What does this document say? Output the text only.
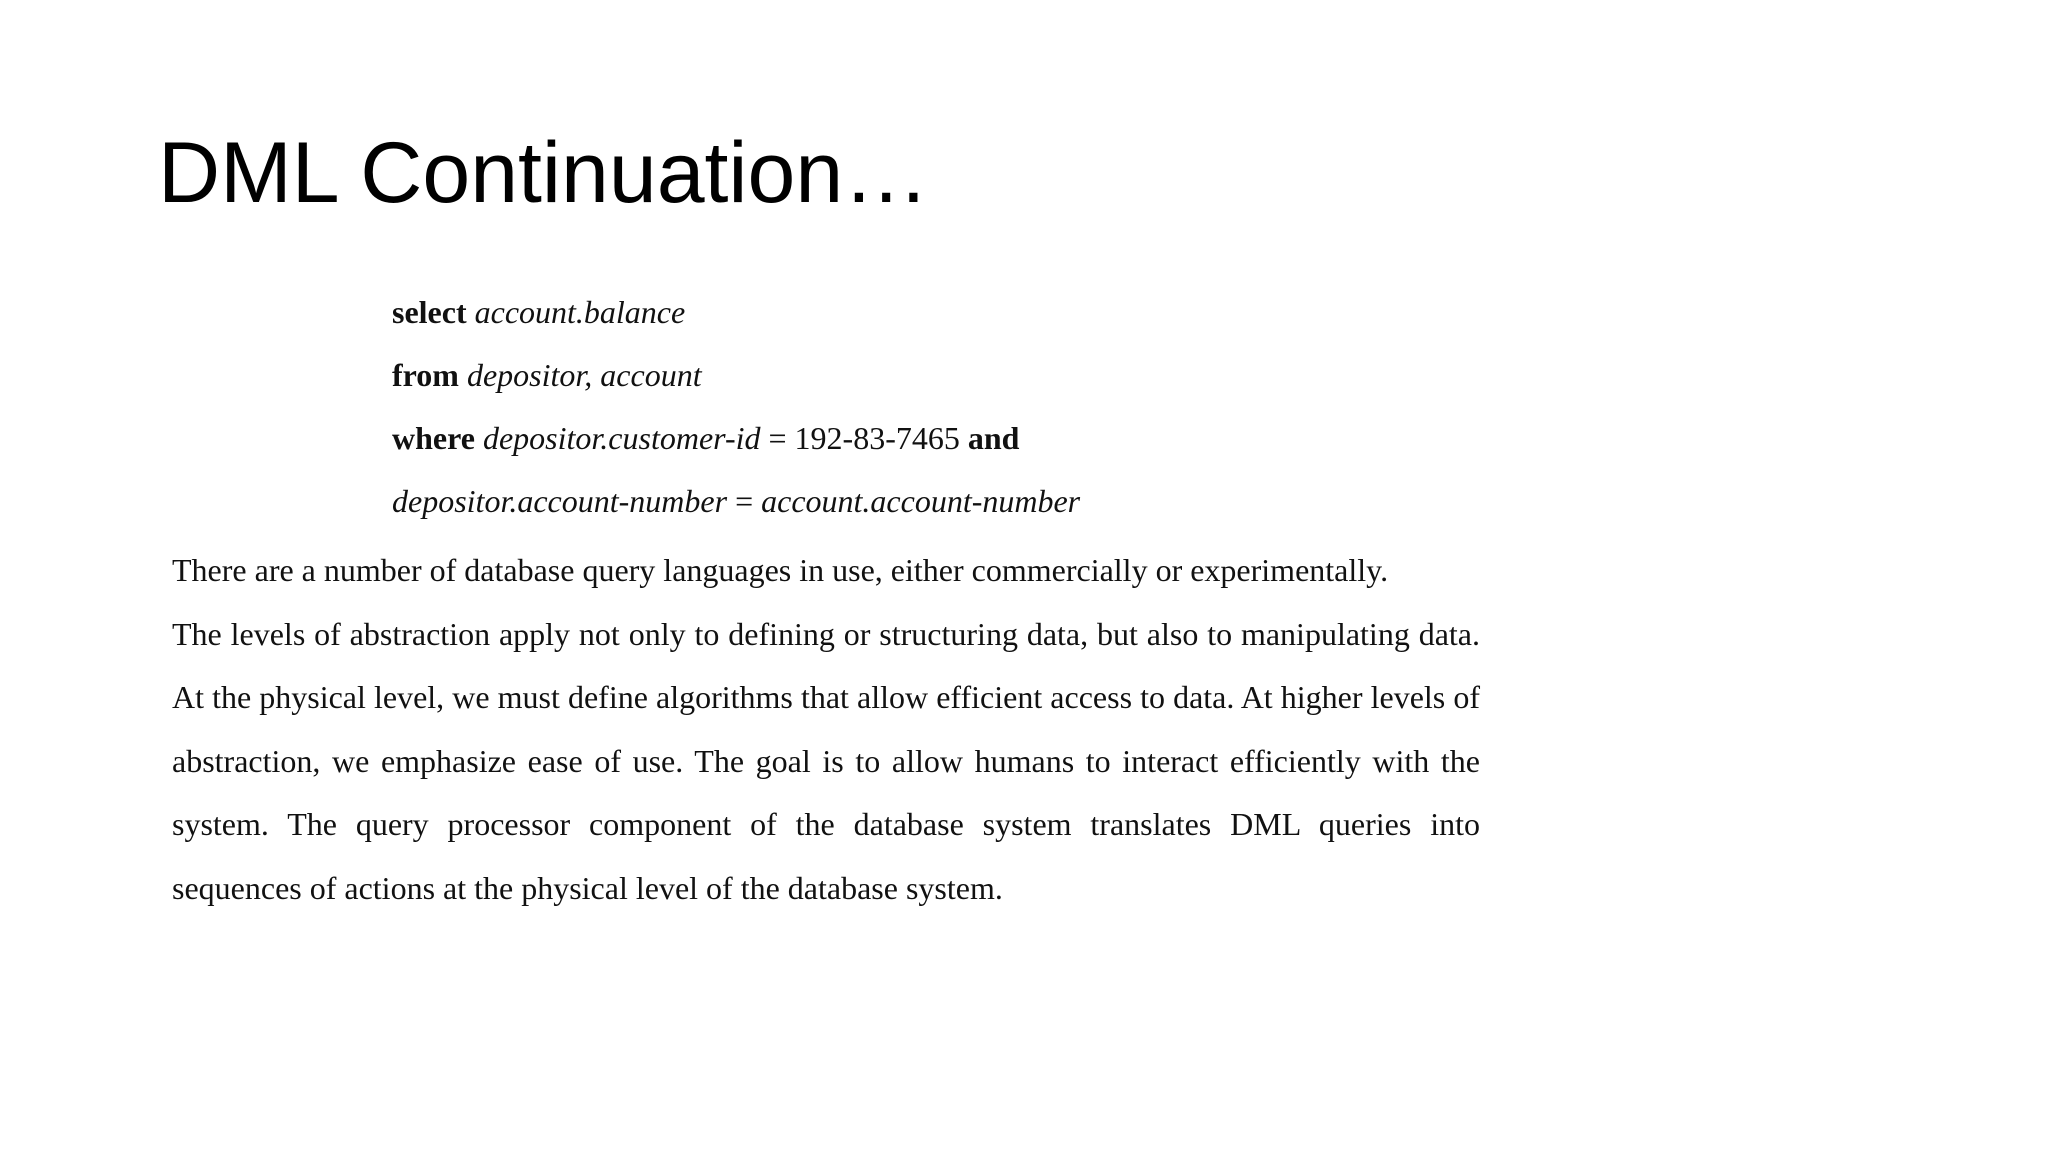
DML Continuation…
select account.balance
from depositor, account
where depositor.customer-id = 192-83-7465 and
depositor.account-number = account.account-number

There are a number of database query languages in use, either commercially or experimentally.

The levels of abstraction apply not only to defining or structuring data, but also to manipulating data. At the physical level, we must define algorithms that allow efficient access to data. At higher levels of abstraction, we emphasize ease of use. The goal is to allow humans to interact efficiently with the system. The query processor component of the database system translates DML queries into sequences of actions at the physical level of the database system.
